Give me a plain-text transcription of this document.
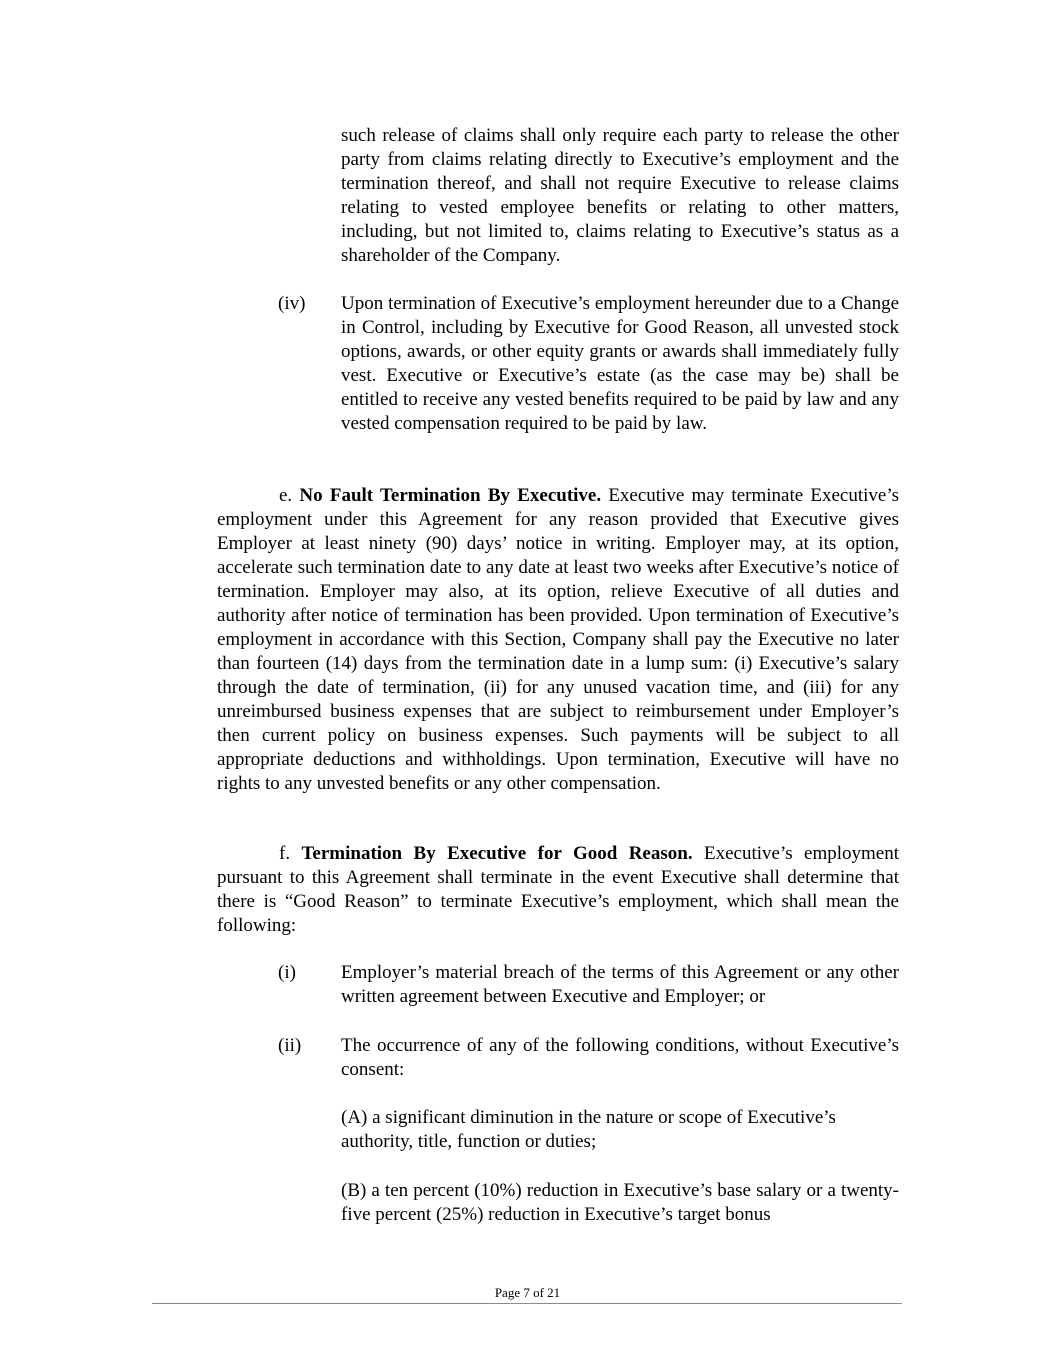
such release of claims shall only require each party to release the other party from claims relating directly to Executive’s employment and the termination thereof, and shall not require Executive to release claims relating to vested employee benefits or relating to other matters, including, but not limited to, claims relating to Executive’s status as a shareholder of the Company.

(iv) Upon termination of Executive’s employment hereunder due to a Change in Control, including by Executive for Good Reason, all unvested stock options, awards, or other equity grants or awards shall immediately fully vest. Executive or Executive’s estate (as the case may be) shall be entitled to receive any vested benefits required to be paid by law and any vested compensation required to be paid by law.

e. No Fault Termination By Executive. Executive may terminate Executive’s employment under this Agreement for any reason provided that Executive gives Employer at least ninety (90) days’ notice in writing. Employer may, at its option, accelerate such termination date to any date at least two weeks after Executive’s notice of termination. Employer may also, at its option, relieve Executive of all duties and authority after notice of termination has been provided. Upon termination of Executive’s employment in accordance with this Section, Company shall pay the Executive no later than fourteen (14) days from the termination date in a lump sum: (i) Executive’s salary through the date of termination, (ii) for any unused vacation time, and (iii) for any unreimbursed business expenses that are subject to reimbursement under Employer’s then current policy on business expenses. Such payments will be subject to all appropriate deductions and withholdings. Upon termination, Executive will have no rights to any unvested benefits or any other compensation.

f. Termination By Executive for Good Reason. Executive’s employment pursuant to this Agreement shall terminate in the event Executive shall determine that there is “Good Reason” to terminate Executive’s employment, which shall mean the following:

(i) Employer’s material breach of the terms of this Agreement or any other written agreement between Executive and Employer; or

(ii) The occurrence of any of the following conditions, without Executive’s consent:

(A) a significant diminution in the nature or scope of Executive’s authority, title, function or duties;

(B) a ten percent (10%) reduction in Executive’s base salary or a twenty-five percent (25%) reduction in Executive’s target bonus

Page 7 of 21
